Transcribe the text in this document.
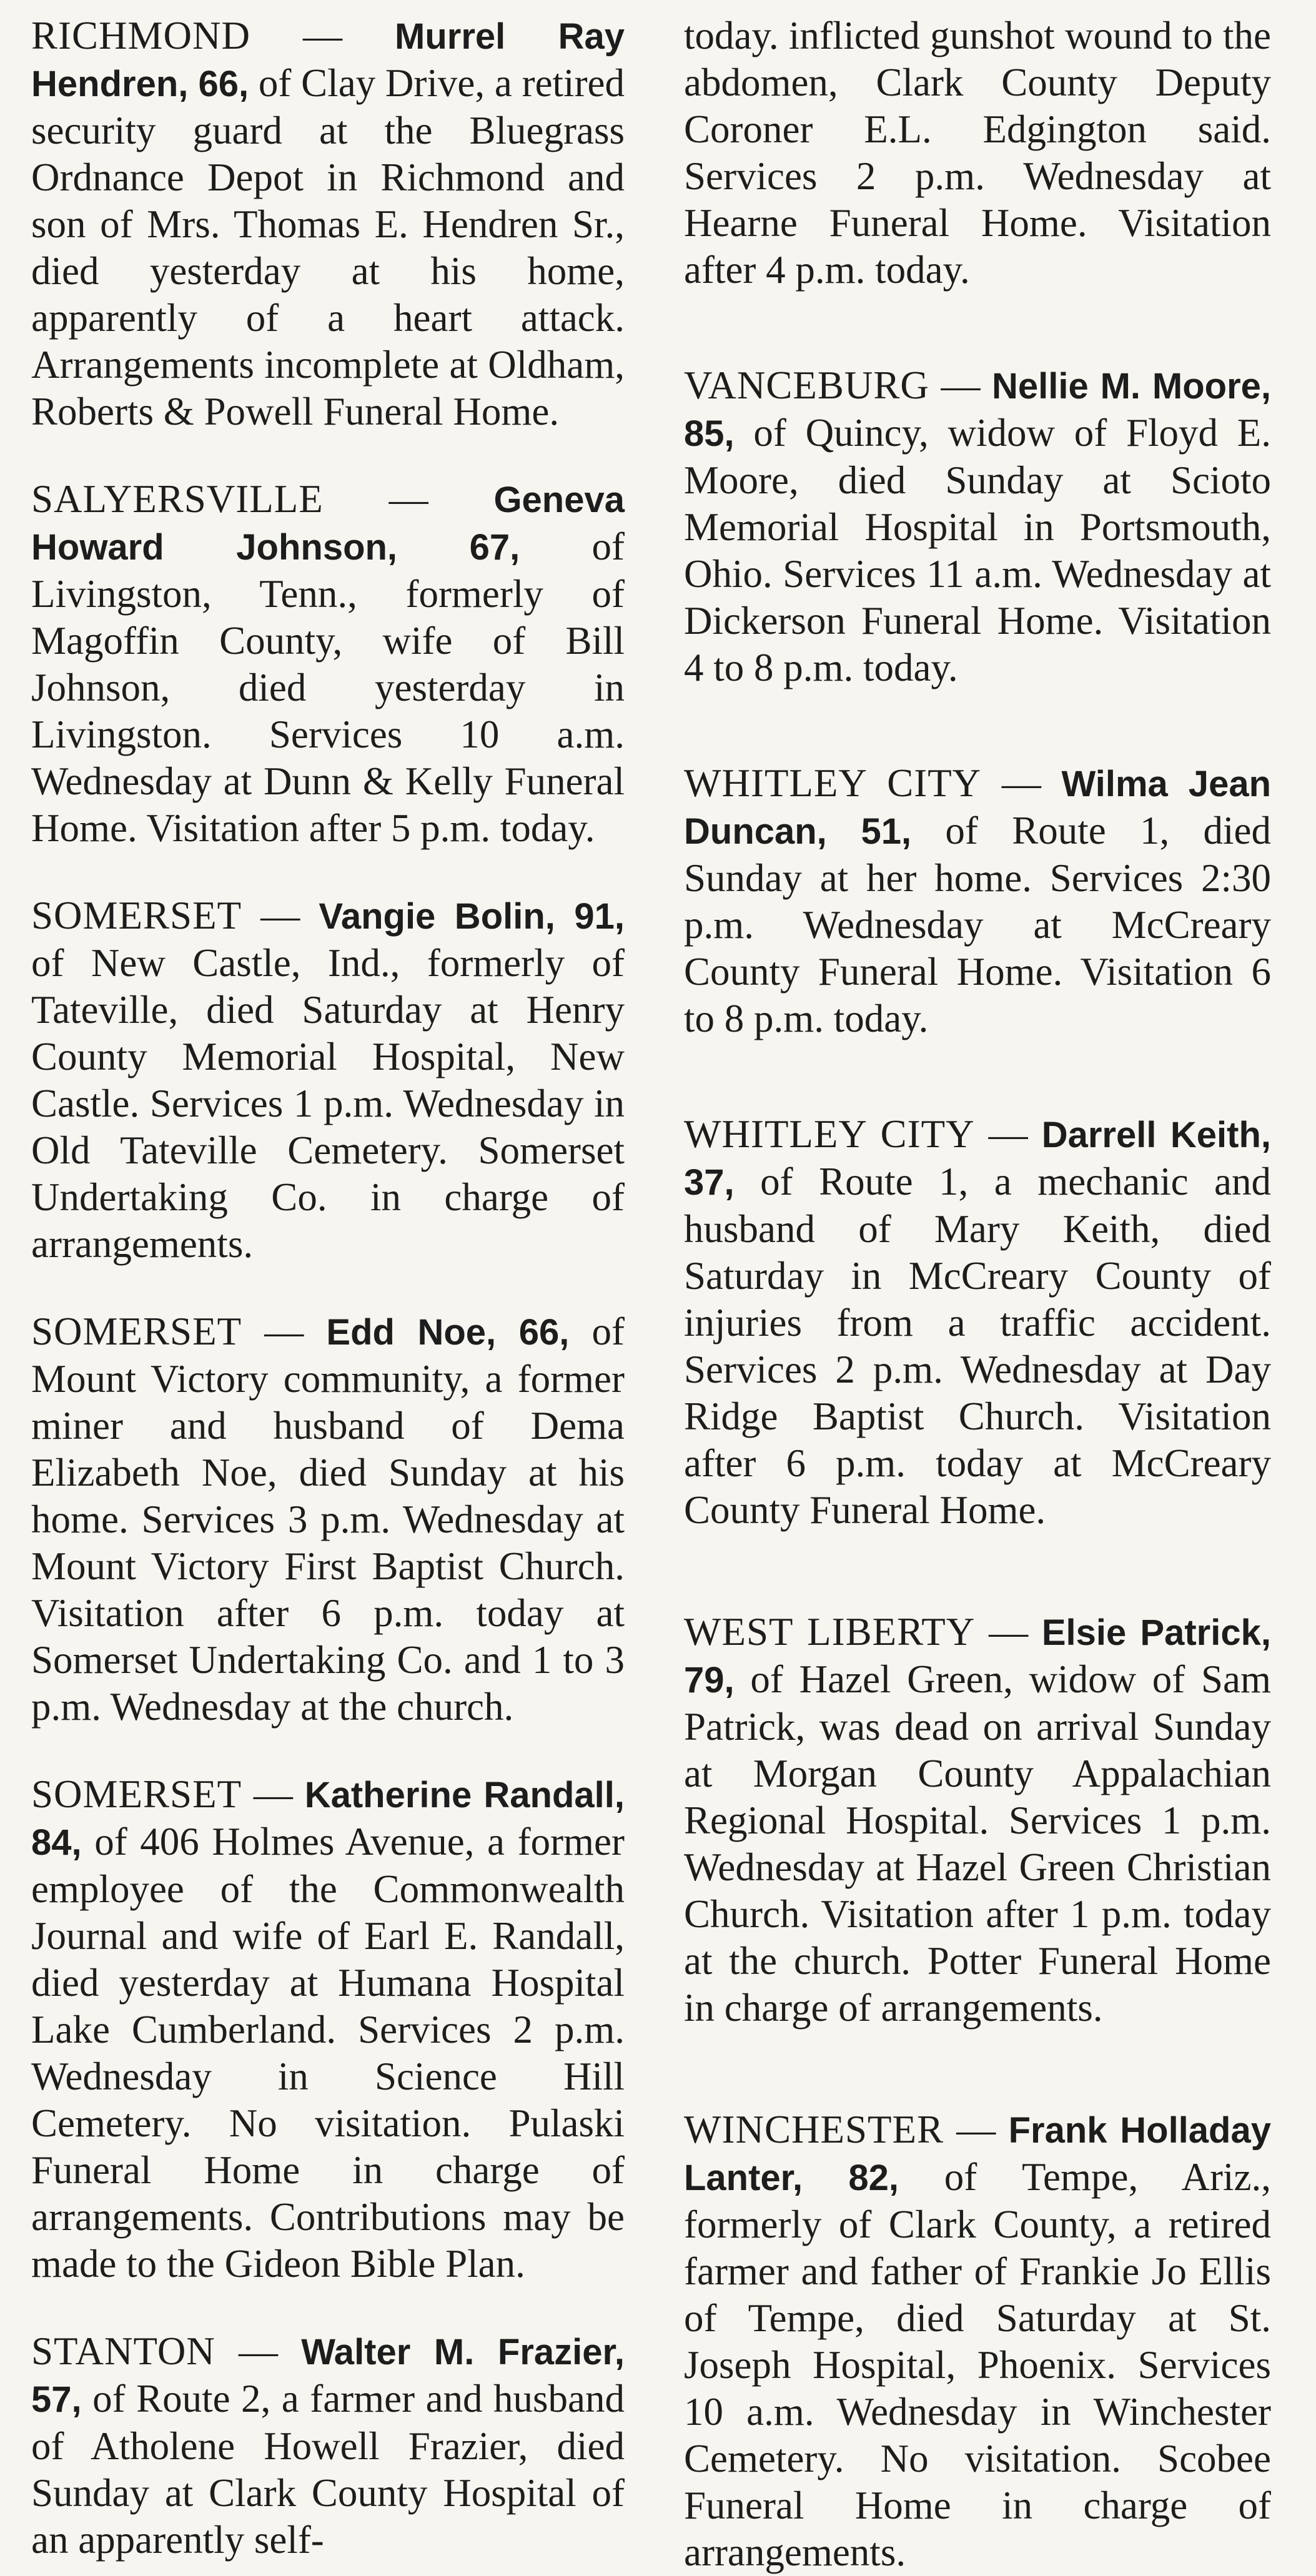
RICHMOND — Murrel Ray Hendren, 66, of Clay Drive, a retired security guard at the Bluegrass Ordnance Depot in Richmond and son of Mrs. Thomas E. Hendren Sr., died yesterday at his home, apparently of a heart attack. Arrangements incomplete at Oldham, Roberts & Powell Funeral Home.

SALYERSVILLE — Geneva Howard Johnson, 67, of Livingston, Tenn., formerly of Magoffin County, wife of Bill Johnson, died yesterday in Livingston. Services 10 a.m. Wednesday at Dunn & Kelly Funeral Home. Visitation after 5 p.m. today.

SOMERSET — Vangie Bolin, 91, of New Castle, Ind., formerly of Tateville, died Saturday at Henry County Memorial Hospital, New Castle. Services 1 p.m. Wednesday in Old Tateville Cemetery. Somerset Undertaking Co. in charge of arrangements.

SOMERSET — Edd Noe, 66, of Mount Victory community, a former miner and husband of Dema Elizabeth Noe, died Sunday at his home. Services 3 p.m. Wednesday at Mount Victory First Baptist Church. Visitation after 6 p.m. today at Somerset Undertaking Co. and 1 to 3 p.m. Wednesday at the church.

SOMERSET — Katherine Randall, 84, of 406 Holmes Avenue, a former employee of the Commonwealth Journal and wife of Earl E. Randall, died yesterday at Humana Hospital Lake Cumberland. Services 2 p.m. Wednesday in Science Hill Cemetery. No visitation. Pulaski Funeral Home in charge of arrangements. Contributions may be made to the Gideon Bible Plan.

STANTON — Walter M. Frazier, 57, of Route 2, a farmer and husband of Atholene Howell Frazier, died Sunday at Clark County Hospital of an apparently self-

today. inflicted gunshot wound to the abdomen, Clark County Deputy Coroner E.L. Edgington said. Services 2 p.m. Wednesday at Hearne Funeral Home. Visitation after 4 p.m. today.

VANCEBURG — Nellie M. Moore, 85, of Quincy, widow of Floyd E. Moore, died Sunday at Scioto Memorial Hospital in Portsmouth, Ohio. Services 11 a.m. Wednesday at Dickerson Funeral Home. Visitation 4 to 8 p.m. today.

WHITLEY CITY — Wilma Jean Duncan, 51, of Route 1, died Sunday at her home. Services 2:30 p.m. Wednesday at McCreary County Funeral Home. Visitation 6 to 8 p.m. today.

WHITLEY CITY — Darrell Keith, 37, of Route 1, a mechanic and husband of Mary Keith, died Saturday in McCreary County of injuries from a traffic accident. Services 2 p.m. Wednesday at Day Ridge Baptist Church. Visitation after 6 p.m. today at McCreary County Funeral Home.

WEST LIBERTY — Elsie Patrick, 79, of Hazel Green, widow of Sam Patrick, was dead on arrival Sunday at Morgan County Appalachian Regional Hospital. Services 1 p.m. Wednesday at Hazel Green Christian Church. Visitation after 1 p.m. today at the church. Potter Funeral Home in charge of arrangements.

WINCHESTER — Frank Holladay Lanter, 82, of Tempe, Ariz., formerly of Clark County, a retired farmer and father of Frankie Jo Ellis of Tempe, died Saturday at St. Joseph Hospital, Phoenix. Services 10 a.m. Wednesday in Winchester Cemetery. No visitation. Scobee Funeral Home in charge of arrangements.
